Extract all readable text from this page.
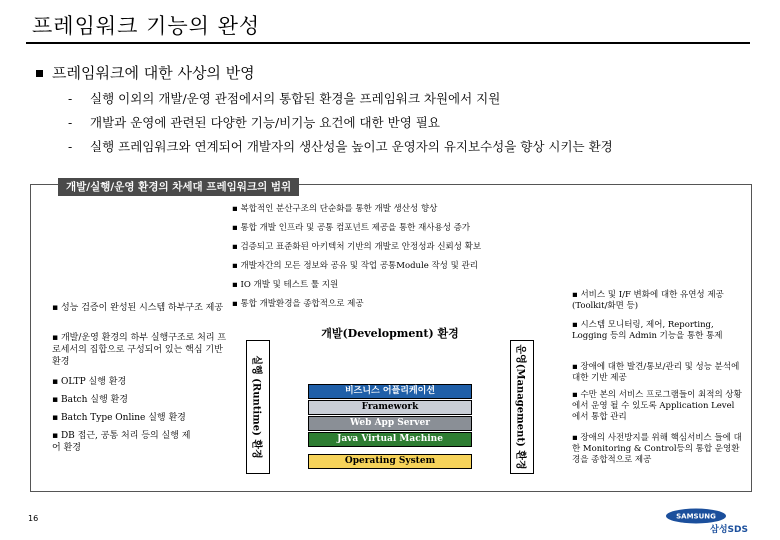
프레임워크 기능의 완성
프레임워크에 대한 사상의 반영
- 실행 이외의 개발/운영 관점에서의 통합된 환경을 프레임워크 차원에서 지원
- 개발과 운영에 관련된 다양한 기능/비기능 요건에 대한 반영 필요
- 실행 프레임워크와 연계되어 개발자의 생산성을 높이고 운영자의 유지보수성을 향상 시키는 환경
개발/실행/운영 환경의 차세대 프레임워크의 범위
▪ 복합적인 분산구조의 단순화를 통한 개발 생산성 향상
▪ 통합 개발 인프라 및 공통 컴포넌트 제공을 통한 재사용성 증가
▪ 검증되고 표준화된 아키텍처 기반의 개발로 안정성과 신뢰성 확보
▪ 개발자간의 모든 정보와 공유 및 작업 공통Module 작성 및 관리
▪ IO 개발 및 테스트 툴 지원
▪ 통합 개발환경을 종합적으로 제공
▪ 성능 검증이 완성된 시스템 하부구조 제공
▪ 개발/운영 환경의 하부 실행구조로 처리 프로세서의 집합으로 구성되어 있는 핵심 기반 환경
▪ OLTP 실행 환경
▪ Batch 실행 환경
▪ Batch Type Online 실행 환경
▪ DB 접근, 공통 처리 등의 실행 제어 환경
▪ 서비스 및 I/F 변화에 대한 유연성 제공(Toolkit/화면 등)
▪ 시스템 모니터링, 제어, Reporting, Logging 등의 Admin 기능을 통한 통제
▪ 장애에 대한 발견/통보/관리 및 성능 분석에 대한 기반 제공
▪ 수만 본의 서비스 프로그램들이 최적의 상황에서 운영 될 수 있도록 Application Level에서 통합 관리
▪ 장애의 사전방지를 위해 핵심서비스 들에 대한 Monitoring & Control등의 통합 운영환경을 종합적으로 제공
실행 (Runtime) 환경	운영(Management) 환경
개발(Development) 환경
비즈니스 어플리케이션
Framework
Web App Server
Java Virtual Machine
Operating System
16	SAMSUNG
삼성SDS
